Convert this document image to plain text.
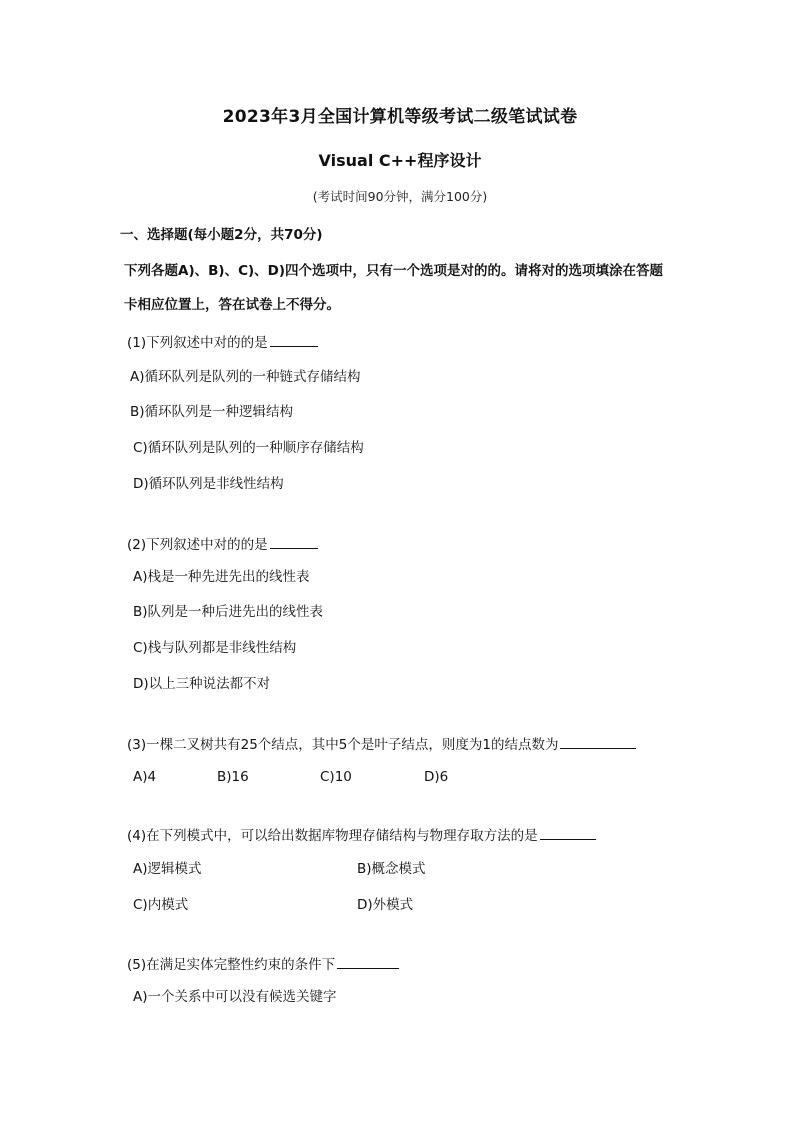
2023年3月全国计算机等级考试二级笔试试卷
Visual C++程序设计
(考试时间90分钟，满分100分)
一、选择题(每小题2分，共70分)
下列各题A)、B)、C)、D)四个选项中，只有一个选项是对的的。请将对的选项填涂在答题
卡相应位置上，答在试卷上不得分。
(1)下列叙述中对的的是
A)循环队列是队列的一种链式存储结构
B)循环队列是一种逻辑结构
C)循环队列是队列的一种顺序存储结构
D)循环队列是非线性结构
(2)下列叙述中对的的是
A)栈是一种先进先出的线性表
B)队列是一种后进先出的线性表
C)栈与队列都是非线性结构
D)以上三种说法都不对
(3)一棵二叉树共有25个结点，其中5个是叶子结点，则度为1的结点数为
A)4	B)16	C)10	D)6
(4)在下列模式中，可以给出数据库物理存储结构与物理存取方法的是
A)逻辑模式	B)概念模式
C)内模式	D)外模式
(5)在满足实体完整性约束的条件下
A)一个关系中可以没有候选关键字
